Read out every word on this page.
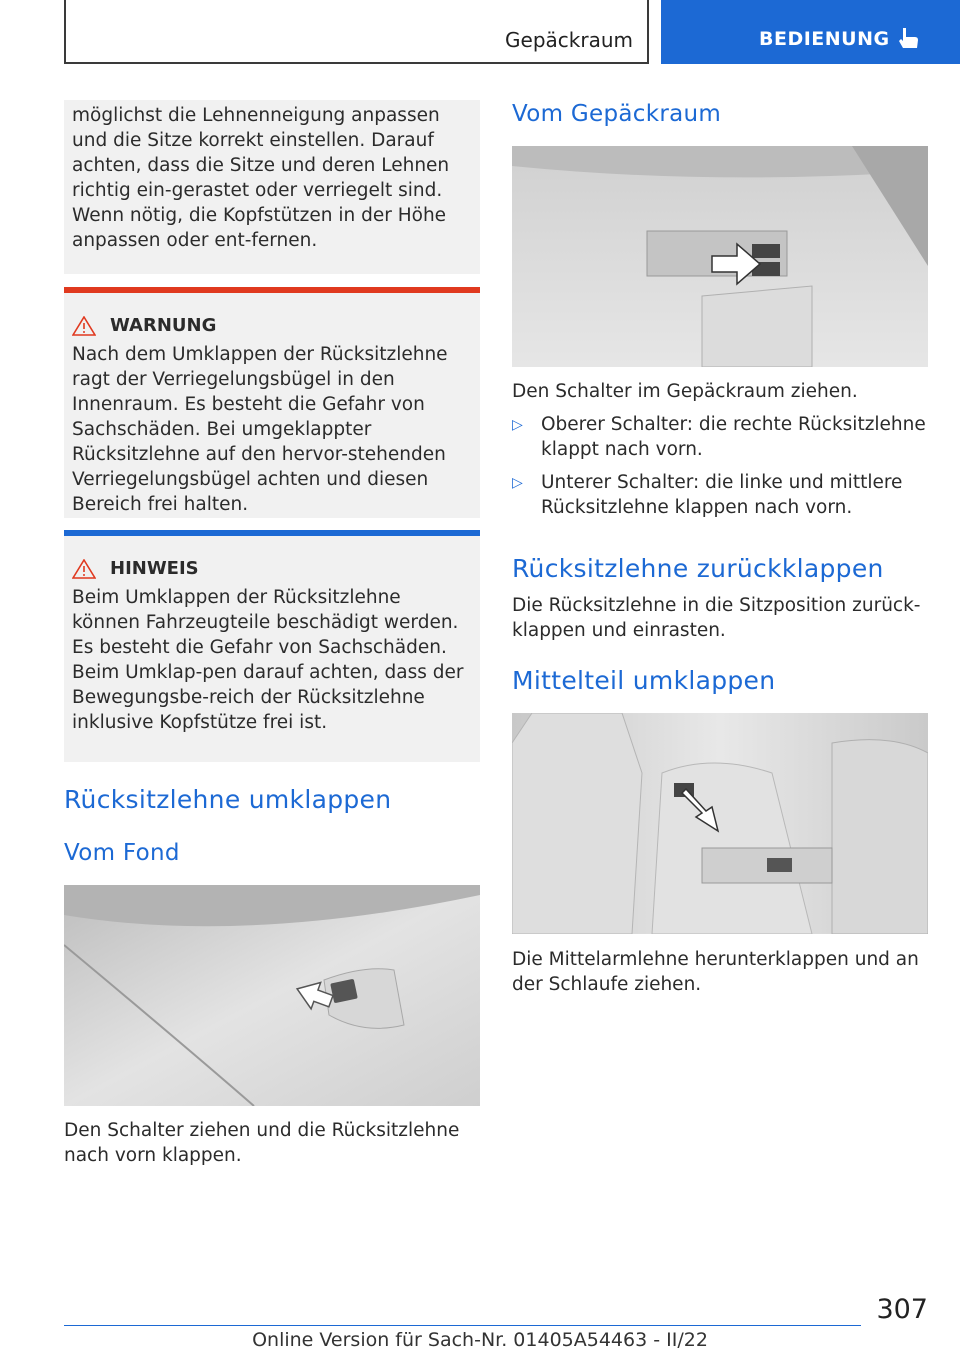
Gepäckraum	BEDIENUNG

möglichst die Lehnenneigung anpassen und die Sitze korrekt einstellen. Darauf achten, dass die Sitze und deren Lehnen richtig ein-gerastet oder verriegelt sind. Wenn nötig, die Kopfstützen in der Höhe anpassen oder ent-fernen.

WARNUNG

Nach dem Umklappen der Rücksitzlehne ragt der Verriegelungsbügel in den Innenraum. Es besteht die Gefahr von Sachschäden. Bei umgeklappter Rücksitzlehne auf den hervor-stehenden Verriegelungsbügel achten und diesen Bereich frei halten.

HINWEIS

Beim Umklappen der Rücksitzlehne können Fahrzeugteile beschädigt werden. Es besteht die Gefahr von Sachschäden. Beim Umklap-pen darauf achten, dass der Bewegungsbe-reich der Rücksitzlehne inklusive Kopfstütze frei ist.

Rücksitzlehne umklappen
Vom Fond

Den Schalter ziehen und die Rücksitzlehne nach vorn klappen.

Vom Gepäckraum

Den Schalter im Gepäckraum ziehen.

▷ Oberer Schalter: die rechte Rücksitzlehne klappt nach vorn.
▷ Unterer Schalter: die linke und mittlere Rücksitzlehne klappen nach vorn.
Rücksitzlehne zurückklappen

Die Rücksitzlehne in die Sitzposition zurück-klappen und einrasten.

Mittelteil umklappen

Die Mittelarmlehne herunterklappen und an der Schlaufe ziehen.

307
Online Version für Sach-Nr. 01405A54463 - II/22
